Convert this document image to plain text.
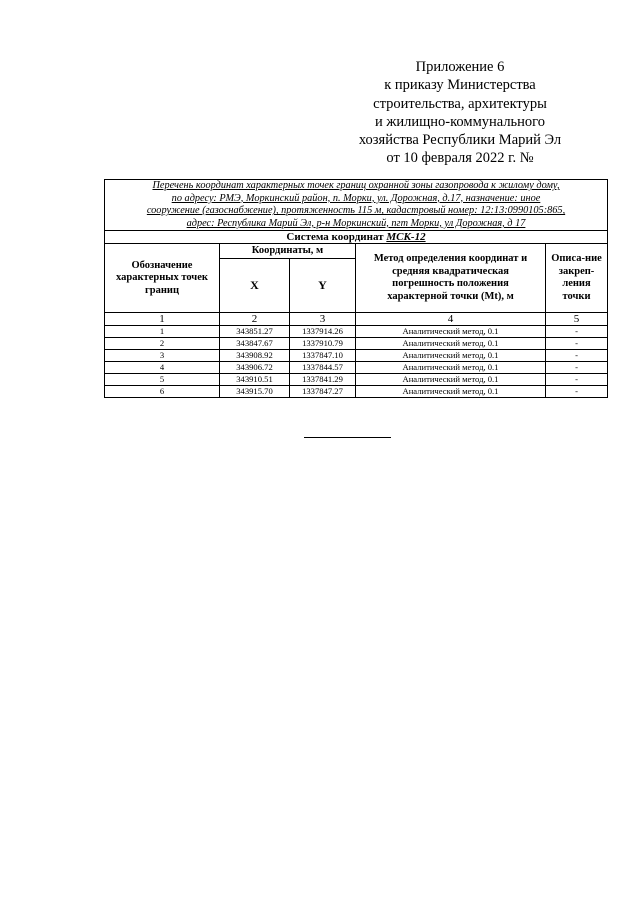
Приложение 6
к приказу Министерства
строительства, архитектуры
и жилищно-коммунального
хозяйства Республики Марий Эл
от 10 февраля 2022 г. №
Перечень координат характерных точек границ охранной зоны газопровода к жилому дому,
по адресу: РМЭ, Моркинский район, п. Морки, ул. Дорожная, д.17, назначение: иное
сооружение (газоснабжение), протяженность 115 м, кадастровый номер: 12:13:0990105:865,
адрес: Республика Марий Эл, р-н Моркинский, пгт Морки, ул Дорожная, д 17				

Система координат МСК-12				
Обозначение характерных точек границ	Координаты, м		Метод определения координат и средняя квадратическая погрешность положения характерной точки (Mt), м	Описа-ние закреп-ления точки
	X	Y		
1	2	3	4	5
1	343851.27	1337914.26	Аналитический метод, 0.1	-
2	343847.67	1337910.79	Аналитический метод, 0.1	-
3	343908.92	1337847.10	Аналитический метод, 0.1	-
4	343906.72	1337844.57	Аналитический метод, 0.1	-
5	343910.51	1337841.29	Аналитический метод, 0.1	-
6	343915.70	1337847.27	Аналитический метод, 0.1	-
